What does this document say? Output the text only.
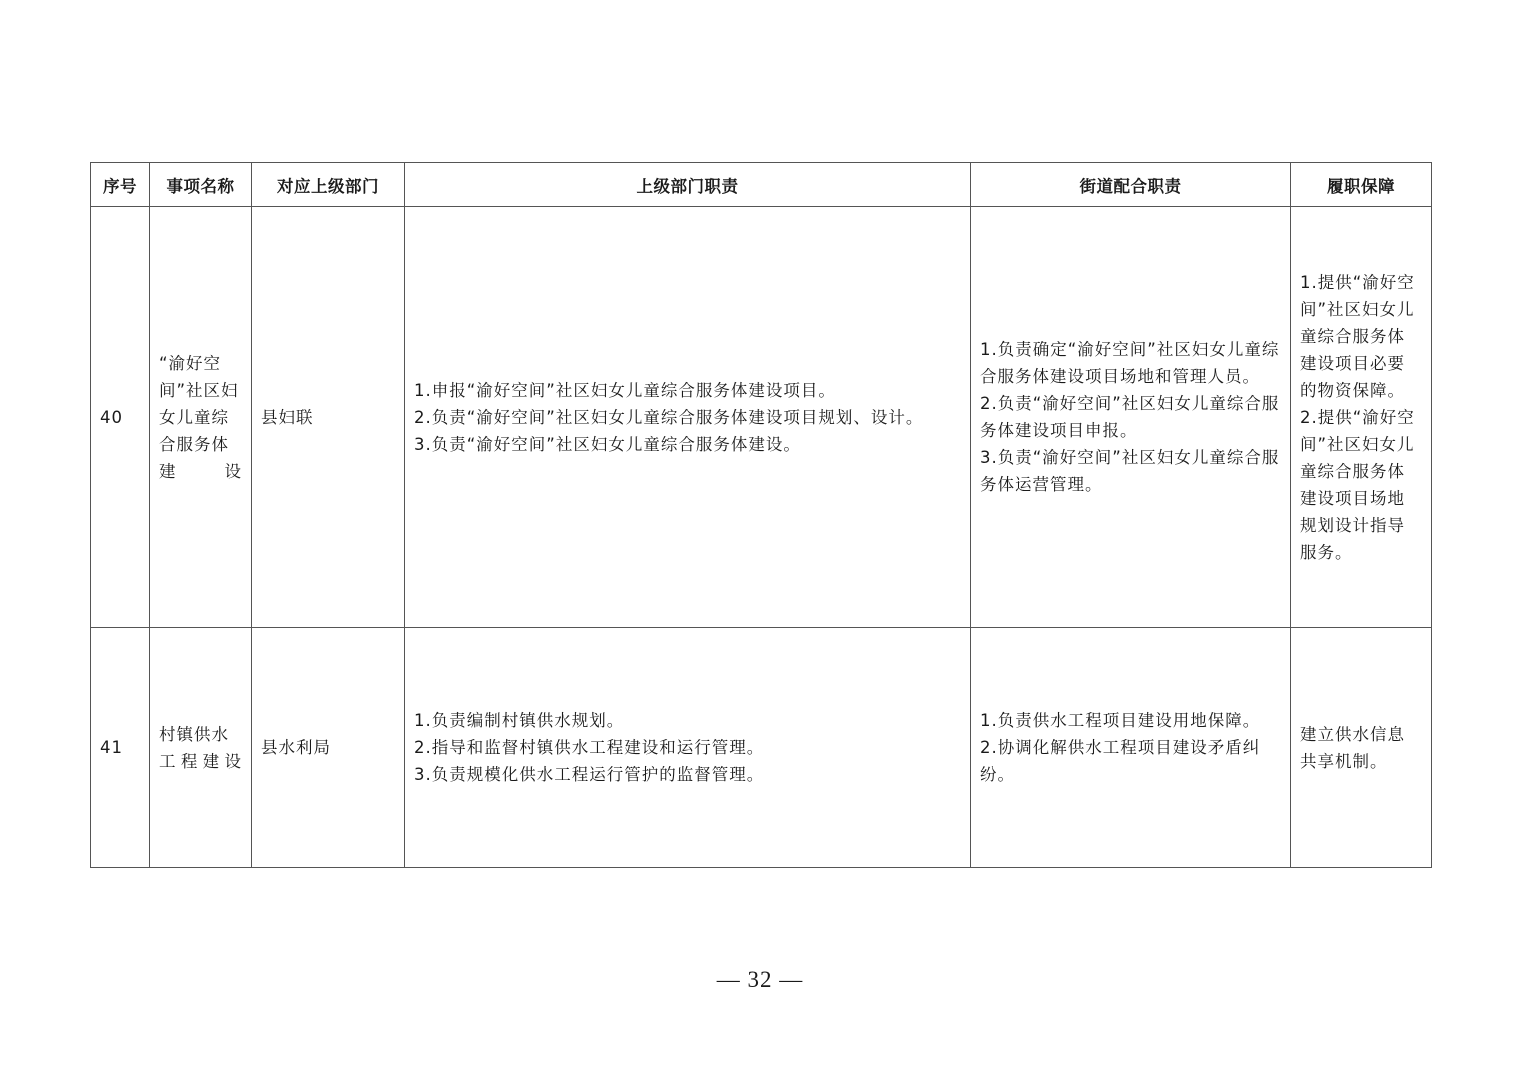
序号	事项名称	对应上级部门	上级部门职责	街道配合职责	履职保障
40	“渝好空间”社区妇女儿童综合服务体建设	县妇联	1.申报“渝好空间”社区妇女儿童综合服务体建设项目。
2.负责“渝好空间”社区妇女儿童综合服务体建设项目规划、设计。
3.负责“渝好空间”社区妇女儿童综合服务体建设。	1.负责确定“渝好空间”社区妇女儿童综合服务体建设项目场地和管理人员。
2.负责“渝好空间”社区妇女儿童综合服务体建设项目申报。
3.负责“渝好空间”社区妇女儿童综合服务体运营管理。	1.提供“渝好空间”社区妇女儿童综合服务体建设项目必要的物资保障。
2.提供“渝好空间”社区妇女儿童综合服务体建设项目场地规划设计指导服务。

41	村镇供水工程建设	县水利局	1.负责编制村镇供水规划。
2.指导和监督村镇供水工程建设和运行管理。
3.负责规模化供水工程运行管护的监督管理。	1.负责供水工程项目建设用地保障。
2.协调化解供水工程项目建设矛盾纠纷。	建立供水信息共享机制。
— 32 —
